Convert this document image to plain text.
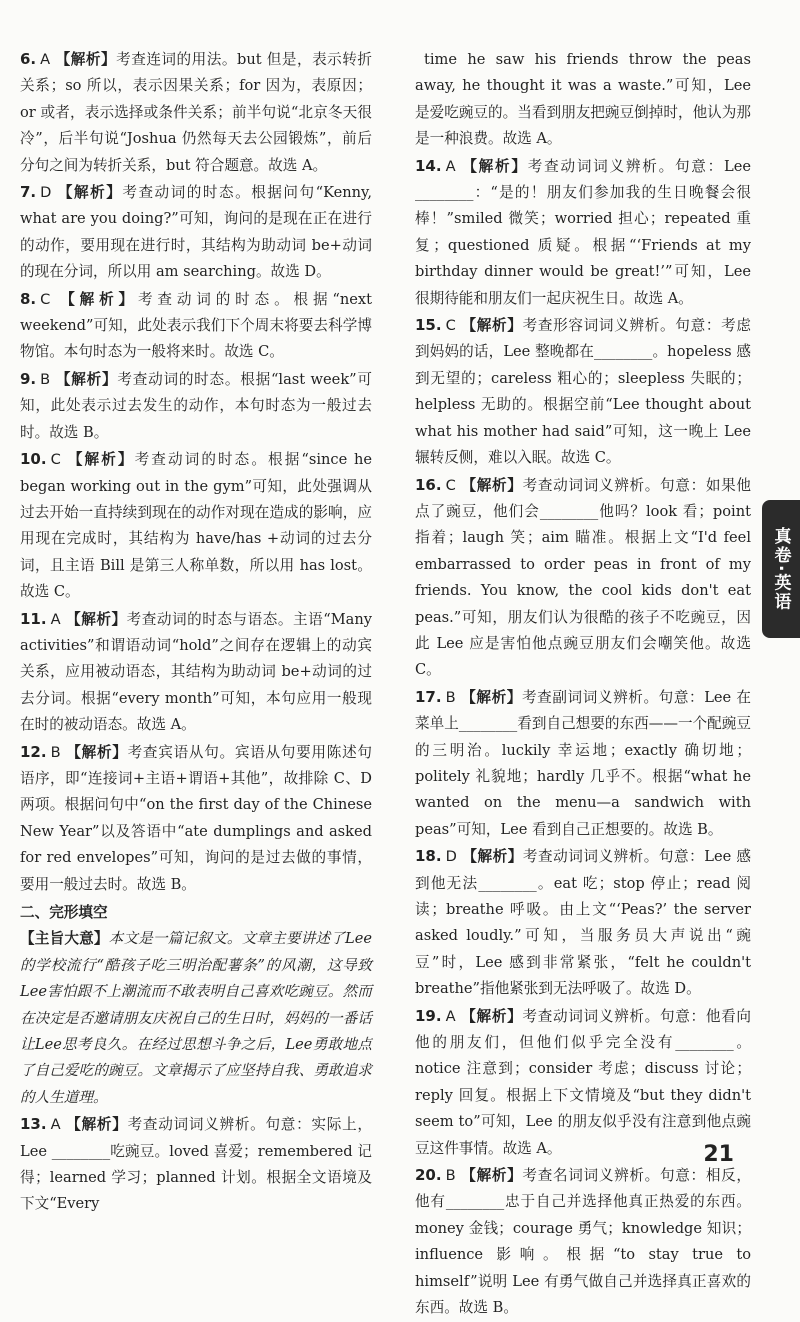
6. A 【解析】考查连词的用法。but 但是，表示转折关系；so 所以，表示因果关系；for 因为，表原因；or 或者，表示选择或条件关系；前半句说“北京冬天很冷”，后半句说“Joshua 仍然每天去公园锻炼”，前后分句之间为转折关系，but 符合题意。故选 A。
7. D 【解析】考查动词的时态。根据问句“Kenny, what are you doing?”可知，询问的是现在正在进行的动作，要用现在进行时，其结构为助动词 be+动词的现在分词，所以用 am searching。故选 D。
8. C 【解析】考查动词的时态。根据“next weekend”可知，此处表示我们下个周末将要去科学博物馆。本句时态为一般将来时。故选 C。
9. B 【解析】考查动词的时态。根据“last week”可知，此处表示过去发生的动作，本句时态为一般过去时。故选 B。
10. C 【解析】考查动词的时态。根据“since he began working out in the gym”可知，此处强调从过去开始一直持续到现在的动作对现在造成的影响，应用现在完成时，其结构为 have/has +动词的过去分词，且主语 Bill 是第三人称单数，所以用 has lost。故选 C。
11. A 【解析】考查动词的时态与语态。主语“Many activities”和谓语动词“hold”之间存在逻辑上的动宾关系，应用被动语态，其结构为助动词 be+动词的过去分词。根据“every month”可知，本句应用一般现在时的被动语态。故选 A。
12. B 【解析】考查宾语从句。宾语从句要用陈述句语序，即“连接词+主语+谓语+其他”，故排除 C、D 两项。根据问句中“on the first day of the Chinese New Year”以及答语中“ate dumplings and asked for red envelopes”可知，询问的是过去做的事情，要用一般过去时。故选 B。
二、完形填空
【主旨大意】本文是一篇记叙文。文章主要讲述了Lee的学校流行“酷孩子吃三明治配薯条”的风潮，这导致Lee害怕跟不上潮流而不敢表明自己喜欢吃豌豆。然而在决定是否邀请朋友庆祝自己的生日时，妈妈的一番话让Lee思考良久。在经过思想斗争之后，Lee勇敢地点了自己爱吃的豌豆。文章揭示了应坚持自我、勇敢追求的人生道理。
13. A 【解析】考查动词词义辨析。句意：实际上，Lee ________吃豌豆。loved 喜爱；remembered 记得；learned 学习；planned 计划。根据全文语境及下文“Every
time he saw his friends throw the peas away, he thought it was a waste.”可知，Lee 是爱吃豌豆的。当看到朋友把豌豆倒掉时，他认为那是一种浪费。故选 A。
14. A 【解析】考查动词词义辨析。句意：Lee ________：“是的！朋友们参加我的生日晚餐会很棒！”smiled 微笑；worried 担心；repeated 重复；questioned 质疑。根据“‘Friends at my birthday dinner would be great!’”可知，Lee 很期待能和朋友们一起庆祝生日。故选 A。
15. C 【解析】考查形容词词义辨析。句意：考虑到妈妈的话，Lee 整晚都在________。hopeless 感到无望的；careless 粗心的；sleepless 失眠的；helpless 无助的。根据空前“Lee thought about what his mother had said”可知，这一晚上 Lee 辗转反侧，难以入眠。故选 C。
16. C 【解析】考查动词词义辨析。句意：如果他点了豌豆，他们会________他吗？look 看；point 指着；laugh 笑；aim 瞄准。根据上文“I'd feel embarrassed to order peas in front of my friends. You know, the cool kids don't eat peas.”可知，朋友们认为很酷的孩子不吃豌豆，因此 Lee 应是害怕他点豌豆朋友们会嘲笑他。故选 C。
17. B 【解析】考查副词词义辨析。句意：Lee 在菜单上________看到自己想要的东西——一个配豌豆的三明治。luckily 幸运地；exactly 确切地；politely 礼貌地；hardly 几乎不。根据“what he wanted on the menu—a sandwich with peas”可知，Lee 看到自己正想要的。故选 B。
18. D 【解析】考查动词词义辨析。句意：Lee 感到他无法________。eat 吃；stop 停止；read 阅读；breathe 呼吸。由上文“‘Peas?’ the server asked loudly.”可知，当服务员大声说出“豌豆”时，Lee 感到非常紧张，“felt he couldn't breathe”指他紧张到无法呼吸了。故选 D。
19. A 【解析】考查动词词义辨析。句意：他看向他的朋友们，但他们似乎完全没有________。notice 注意到；consider 考虑；discuss 讨论；reply 回复。根据上下文情境及“but they didn't seem to”可知，Lee 的朋友似乎没有注意到他点豌豆这件事情。故选 A。
20. B 【解析】考查名词词义辨析。句意：相反，他有________忠于自己并选择他真正热爱的东西。money 金钱；courage 勇气；knowledge 知识；influence 影响。根据“to stay true to himself”说明 Lee 有勇气做自己并选择真正喜欢的东西。故选 B。
真卷·英语
21
